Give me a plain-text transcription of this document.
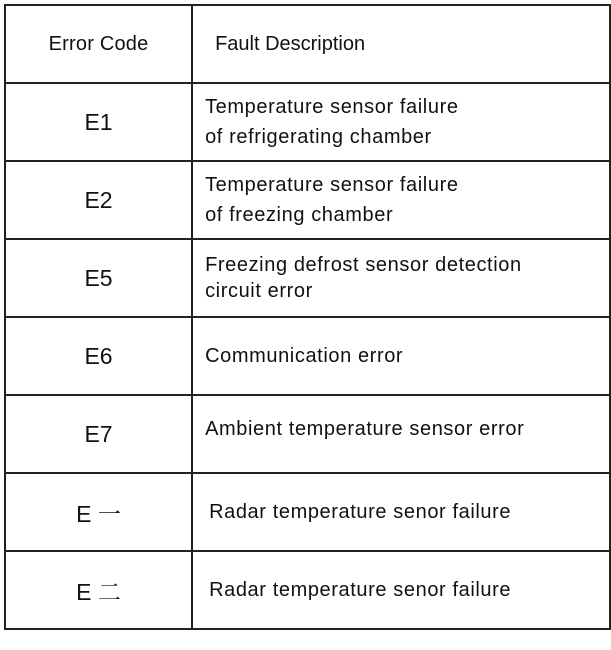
Error Code	Fault Description
E1	Temperature sensor failure
of refrigerating chamber

E2	Temperature sensor failure
of freezing chamber

E5	Freezing defrost sensor detection
circuit error

E6	Communication error

E7	Ambient temperature sensor error

E 一	Radar temperature senor failure

E 二	Radar temperature senor failure
